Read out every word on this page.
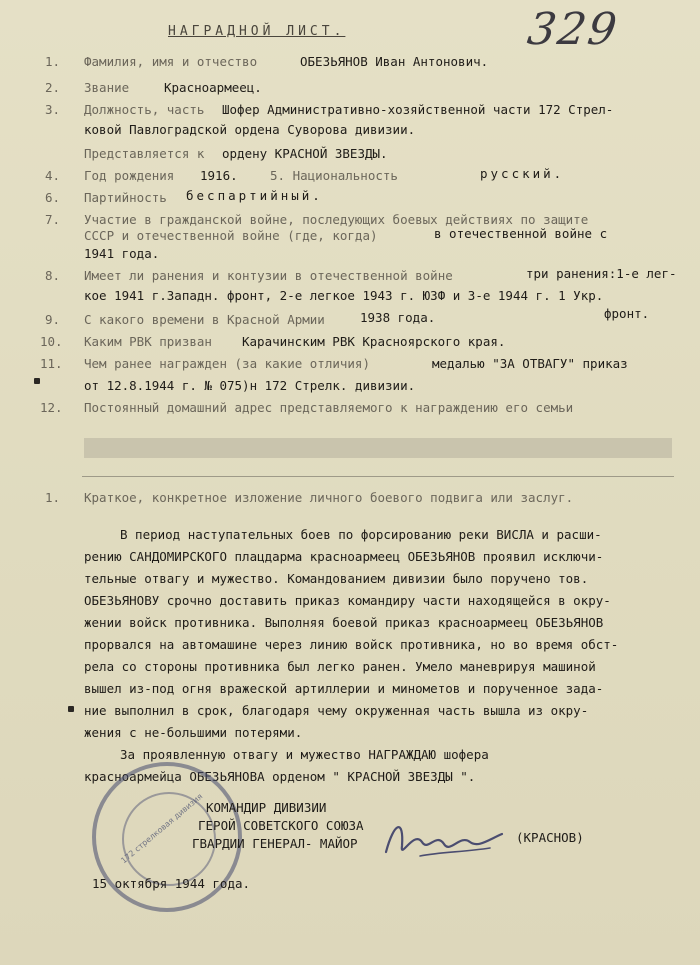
НАГРАДНОЙ ЛИСТ.	329
1. Фамилия, имя и отчество	ОБЕЗЬЯНОВ Иван Антонович.
2. Звание	Красноармеец.
3. Должность, часть Шофер Административно-хозяйственной части 172 Стрел-
ковой Павлоградской ордена Суворова дивизии.
Представляется к ордену КРАСНОЙ ЗВЕЗДЫ.
4. Год рождения 1916.	5. Национальность	русский.
6. Партийность беспартийный.
7. Участие в гражданской войне, последующих боевых действиях по защите
СССР и отечественной войне (где, когда)	в отечественной войне с
1941 года.
8. Имеет ли ранения и контузии в отечественной войне	три ранения:1-е лег-
кое 1941 г.Западн. фронт, 2-е легкое 1943 г. ЮЗФ и 3-е 1944 г. 1 Укр.
фронт.
9. С какого времени в Красной Армии	1938 года.
10. Каким РВК призван Карачинским РВК Красноярского края.
11. Чем ранее награжден (за какие отличия)	медалью "ЗА ОТВАГУ" приказ
от 12.8.1944 г. № 075)н 172 Стрелк. дивизии.
12. Постоянный домашний адрес представляемого к награждению его семьи
1. Краткое, конкретное изложение личного боевого подвига или заслуг.
В период наступательных боев по форсированию реки ВИСЛА и расши-
рению САНДОМИРСКОГО плацдарма красноармеец ОБЕЗЬЯНОВ проявил исключи-
тельные отвагу и мужество. Командованием дивизии было поручено тов.
ОБЕЗЬЯНОВУ срочно доставить приказ командиру части находящейся в окру-
жении войск противника. Выполняя боевой приказ красноармеец ОБЕЗЬЯНОВ
прорвался на автомашине через линию войск противника, но во время обст-
рела со стороны противника был легко ранен. Умело маневрируя машиной
вышел из-под огня вражеской артиллерии и минометов и порученное зада-
ние выполнил в срок, благодаря чему окруженная часть вышла из окру-
жения с не-большими потерями.
За проявленную отвагу и мужество НАГРАЖДАЮ шофера
красноармейца ОБЕЗЬЯНОВА орденом " КРАСНОЙ ЗВЕЗДЫ ".
172 стрелковая дивизия КОМАНДИР ДИВИЗИИ
ГЕРОЙ СОВЕТСКОГО СОЮЗА
ГВАРДИИ ГЕНЕРАЛ- МАЙОР	(КРАСНОВ)
15 октября 1944 года.
